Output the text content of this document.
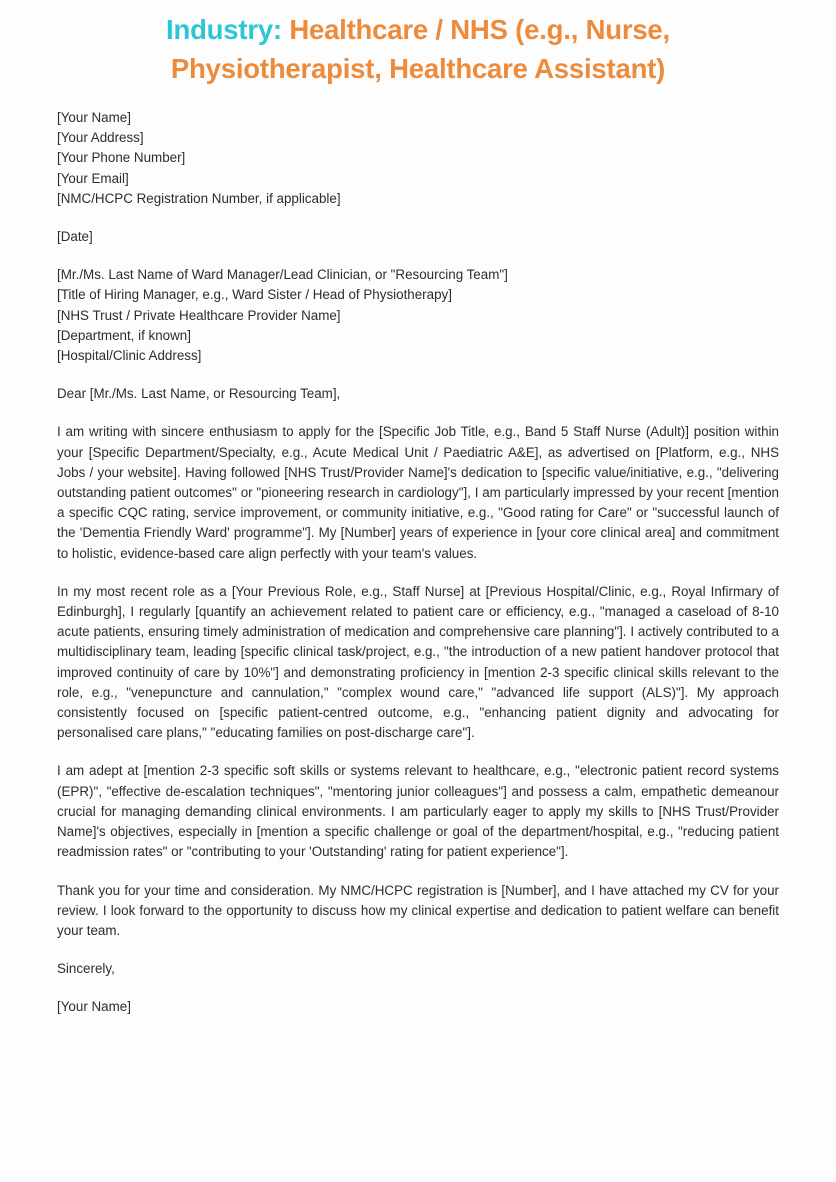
Industry: Healthcare / NHS (e.g., Nurse, Physiotherapist, Healthcare Assistant)
[Your Name]
[Your Address]
[Your Phone Number]
[Your Email]
[NMC/HCPC Registration Number, if applicable]
[Date]
[Mr./Ms. Last Name of Ward Manager/Lead Clinician, or "Resourcing Team"]
[Title of Hiring Manager, e.g., Ward Sister / Head of Physiotherapy]
[NHS Trust / Private Healthcare Provider Name]
[Department, if known]
[Hospital/Clinic Address]

Dear [Mr./Ms. Last Name, or Resourcing Team],

I am writing with sincere enthusiasm to apply for the [Specific Job Title, e.g., Band 5 Staff Nurse (Adult)] position within your [Specific Department/Specialty, e.g., Acute Medical Unit / Paediatric A&E], as advertised on [Platform, e.g., NHS Jobs / your website]. Having followed [NHS Trust/Provider Name]'s dedication to [specific value/initiative, e.g., "delivering outstanding patient outcomes" or "pioneering research in cardiology"], I am particularly impressed by your recent [mention a specific CQC rating, service improvement, or community initiative, e.g., "Good rating for Care" or "successful launch of the 'Dementia Friendly Ward' programme"]. My [Number] years of experience in [your core clinical area] and commitment to holistic, evidence-based care align perfectly with your team's values.

In my most recent role as a [Your Previous Role, e.g., Staff Nurse] at [Previous Hospital/Clinic, e.g., Royal Infirmary of Edinburgh], I regularly [quantify an achievement related to patient care or efficiency, e.g., "managed a caseload of 8-10 acute patients, ensuring timely administration of medication and comprehensive care planning"]. I actively contributed to a multidisciplinary team, leading [specific clinical task/project, e.g., "the introduction of a new patient handover protocol that improved continuity of care by 10%"] and demonstrating proficiency in [mention 2-3 specific clinical skills relevant to the role, e.g., "venepuncture and cannulation," "complex wound care," "advanced life support (ALS)"]. My approach consistently focused on [specific patient-centred outcome, e.g., "enhancing patient dignity and advocating for personalised care plans," "educating families on post-discharge care"].

I am adept at [mention 2-3 specific soft skills or systems relevant to healthcare, e.g., "electronic patient record systems (EPR)", "effective de-escalation techniques", "mentoring junior colleagues"] and possess a calm, empathetic demeanour crucial for managing demanding clinical environments. I am particularly eager to apply my skills to [NHS Trust/Provider Name]'s objectives, especially in [mention a specific challenge or goal of the department/hospital, e.g., "reducing patient readmission rates" or "contributing to your 'Outstanding' rating for patient experience"].

Thank you for your time and consideration. My NMC/HCPC registration is [Number], and I have attached my CV for your review. I look forward to the opportunity to discuss how my clinical expertise and dedication to patient welfare can benefit your team.

Sincerely,

[Your Name]
